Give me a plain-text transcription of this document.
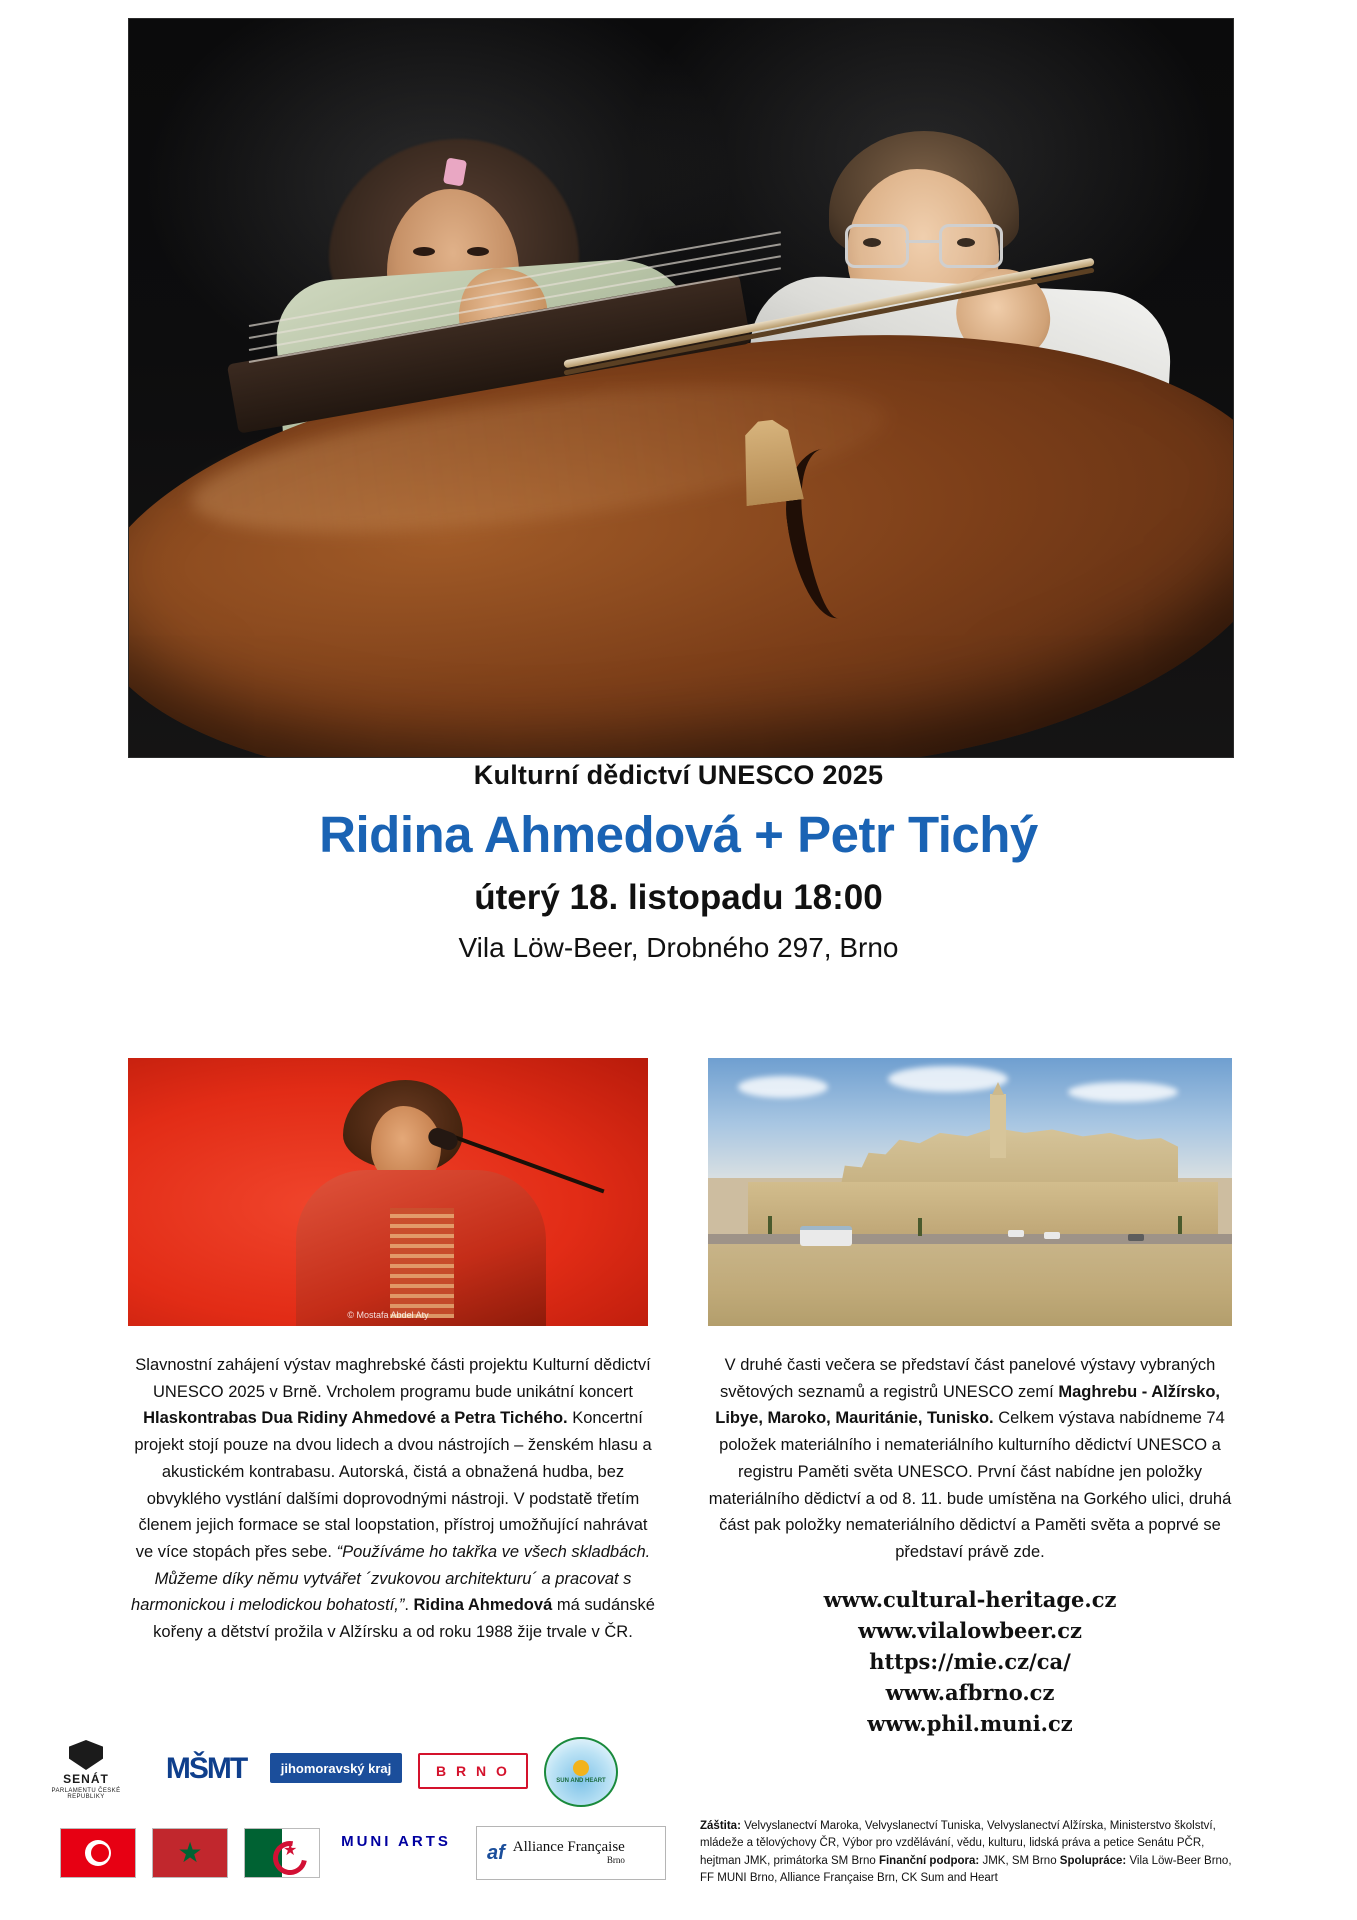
Kulturní dědictví UNESCO 2025
Ridina Ahmedová + Petr Tichý
úterý 18. listopadu 18:00
Vila Löw-Beer, Drobného 297, Brno
© Mostafa Abdel Aty
Slavnostní zahájení výstav maghrebské části projektu Kulturní dědictví UNESCO 2025 v Brně. Vrcholem programu bude unikátní koncert Hlaskontrabas Dua Ridiny Ahmedové a Petra Tichého. Koncertní projekt stojí pouze na dvou lidech a dvou nástrojích – ženském hlasu a akustickém kontrabasu. Autorská, čistá a obnažená hudba, bez obvyklého vystlání dalšími doprovodnými nástroji. V podstatě třetím členem jejich formace se stal loopstation, přístroj umožňující nahrávat ve více stopách přes sebe. “Používáme ho takřka ve všech skladbách. Můžeme díky němu vytvářet ´zvukovou architekturu´ a pracovat s harmonickou i melodickou bohatostí,”. Ridina Ahmedová má sudánské kořeny a dětství prožila v Alžírsku a od roku 1988 žije trvale v ČR.
V druhé časti večera se představí část panelové výstavy vybraných světových seznamů a registrů UNESCO zemí Maghrebu - Alžírsko, Libye, Maroko, Mauritánie, Tunisko. Celkem výstava nabídneme 74 položek materiálního i nemateriálního kulturního dědictví UNESCO a registru Paměti světa UNESCO. První část nabídne jen položky materiálního dědictví a od 8. 11. bude umístěna na Gorkého ulici, druhá část pak položky nemateriálního dědictví a Paměti světa a poprvé se představí právě zde.
www.cultural-heritage.cz
www.vilalowbeer.cz
https://mie.cz/ca/
www.afbrno.cz
www.phil.muni.cz
SENÁT
PARLAMENTU ČESKÉ REPUBLIKY
MŠMT	jihomoravský kraj	B R N O
SUN AND HEART
★	★	★
MUNI ARTS af Alliance Française
Brno
Záštita: Velvyslanectví Maroka, Velvyslanectví Tuniska, Velvyslanectví Alžírska, Ministerstvo školství, mládeže a tělovýchovy ČR, Výbor pro vzdělávání, vědu, kulturu, lidská práva a petice Senátu PČR, hejtman JMK, primátorka SM Brno Finanční podpora: JMK, SM Brno Spolupráce: Vila Löw-Beer Brno, FF MUNI Brno, Alliance Française Brn, CK Sum and Heart
